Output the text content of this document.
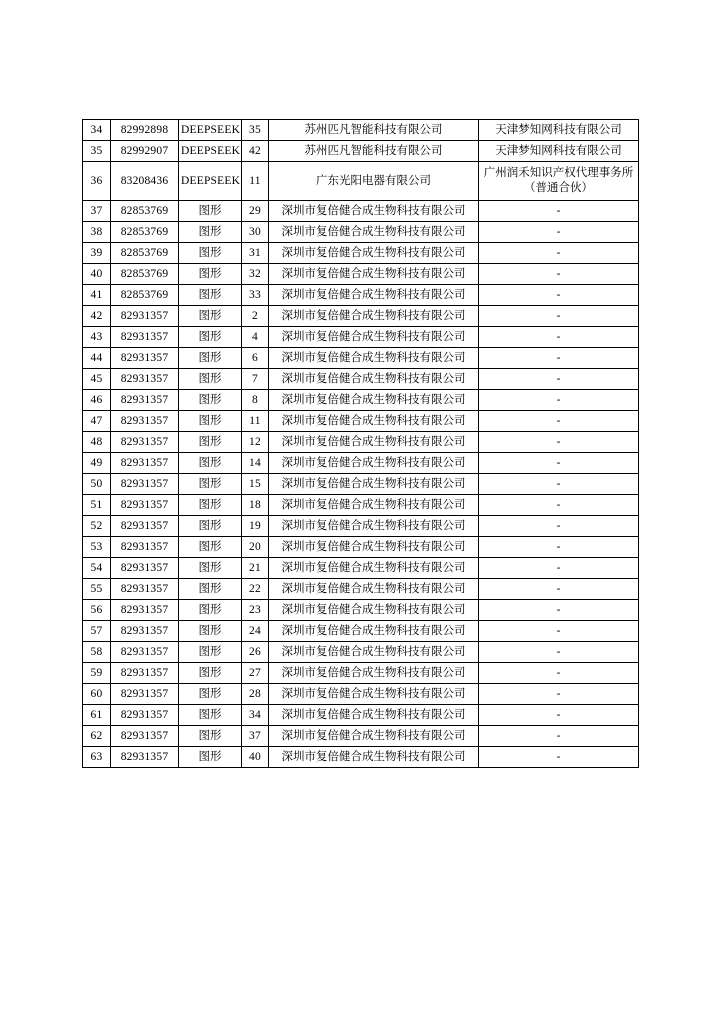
34	82992898	DEEPSEEK	35	苏州匹凡智能科技有限公司	天津梦知网科技有限公司
35	82992907	DEEPSEEK	42	苏州匹凡智能科技有限公司	天津梦知网科技有限公司
36	83208436	DEEPSEEK	11	广东光阳电器有限公司	广州润禾知识产权代理事务所（普通合伙）
37	82853769	图形	29	深圳市复倍健合成生物科技有限公司	-
38	82853769	图形	30	深圳市复倍健合成生物科技有限公司	-
39	82853769	图形	31	深圳市复倍健合成生物科技有限公司	-
40	82853769	图形	32	深圳市复倍健合成生物科技有限公司	-
41	82853769	图形	33	深圳市复倍健合成生物科技有限公司	-
42	82931357	图形	2	深圳市复倍健合成生物科技有限公司	-
43	82931357	图形	4	深圳市复倍健合成生物科技有限公司	-
44	82931357	图形	6	深圳市复倍健合成生物科技有限公司	-
45	82931357	图形	7	深圳市复倍健合成生物科技有限公司	-
46	82931357	图形	8	深圳市复倍健合成生物科技有限公司	-
47	82931357	图形	11	深圳市复倍健合成生物科技有限公司	-
48	82931357	图形	12	深圳市复倍健合成生物科技有限公司	-
49	82931357	图形	14	深圳市复倍健合成生物科技有限公司	-
50	82931357	图形	15	深圳市复倍健合成生物科技有限公司	-
51	82931357	图形	18	深圳市复倍健合成生物科技有限公司	-
52	82931357	图形	19	深圳市复倍健合成生物科技有限公司	-
53	82931357	图形	20	深圳市复倍健合成生物科技有限公司	-
54	82931357	图形	21	深圳市复倍健合成生物科技有限公司	-
55	82931357	图形	22	深圳市复倍健合成生物科技有限公司	-
56	82931357	图形	23	深圳市复倍健合成生物科技有限公司	-
57	82931357	图形	24	深圳市复倍健合成生物科技有限公司	-
58	82931357	图形	26	深圳市复倍健合成生物科技有限公司	-
59	82931357	图形	27	深圳市复倍健合成生物科技有限公司	-
60	82931357	图形	28	深圳市复倍健合成生物科技有限公司	-
61	82931357	图形	34	深圳市复倍健合成生物科技有限公司	-
62	82931357	图形	37	深圳市复倍健合成生物科技有限公司	-
63	82931357	图形	40	深圳市复倍健合成生物科技有限公司	-
